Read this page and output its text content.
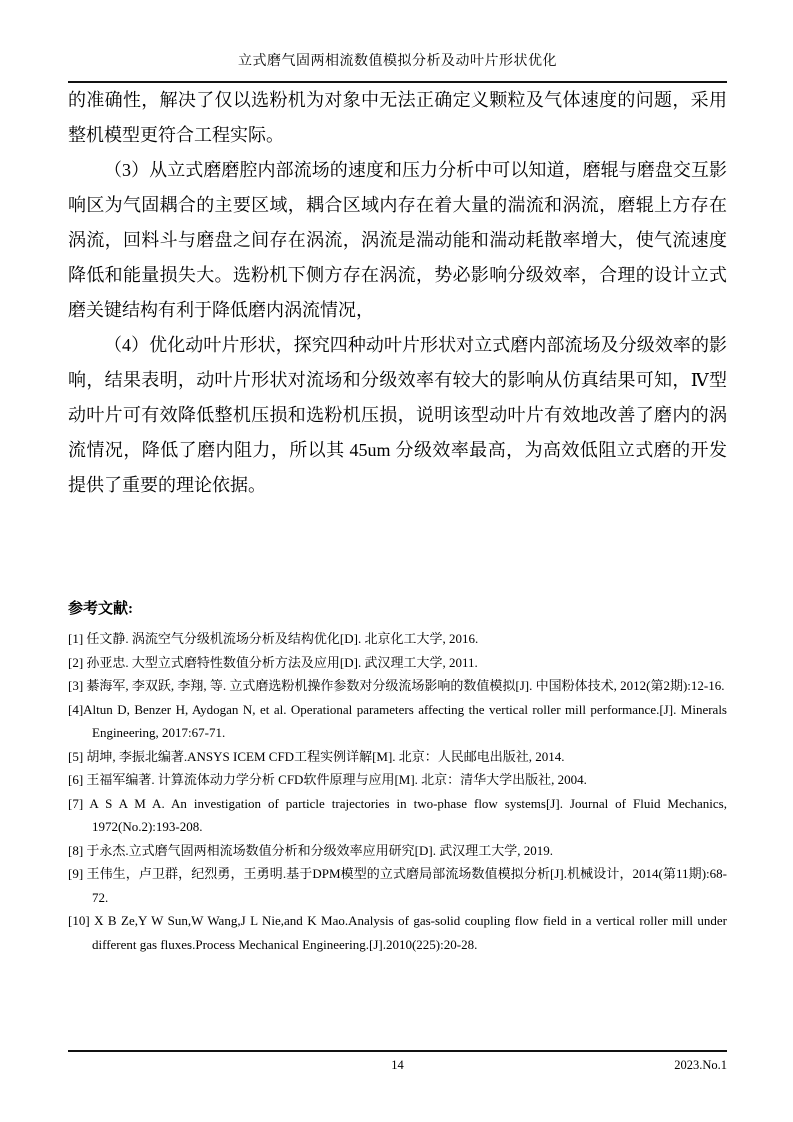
立式磨气固两相流数值模拟分析及动叶片形状优化

的准确性，解决了仅以选粉机为对象中无法正确定义颗粒及气体速度的问题，采用整机模型更符合工程实际。

（3）从立式磨磨腔内部流场的速度和压力分析中可以知道，磨辊与磨盘交互影响区为气固耦合的主要区域，耦合区域内存在着大量的湍流和涡流，磨辊上方存在涡流，回料斗与磨盘之间存在涡流，涡流是湍动能和湍动耗散率增大，使气流速度降低和能量损失大。选粉机下侧方存在涡流，势必影响分级效率，合理的设计立式磨关键结构有利于降低磨内涡流情况，

（4）优化动叶片形状，探究四种动叶片形状对立式磨内部流场及分级效率的影响，结果表明，动叶片形状对流场和分级效率有较大的影响从仿真结果可知，Ⅳ型动叶片可有效降低整机压损和选粉机压损，说明该型动叶片有效地改善了磨内的涡流情况，降低了磨内阻力，所以其 45um 分级效率最高，为高效低阻立式磨的开发提供了重要的理论依据。

参考文献:

[1] 任文静. 涡流空气分级机流场分析及结构优化[D]. 北京化工大学, 2016.

[2] 孙亚忠. 大型立式磨特性数值分析方法及应用[D]. 武汉理工大学, 2011.

[3] 綦海军, 李双跃, 李翔, 等. 立式磨选粉机操作参数对分级流场影响的数值模拟[J]. 中国粉体技术, 2012(第2期):12-16.

[4]Altun D, Benzer H, Aydogan N, et al. Operational parameters affecting the vertical roller mill performance.[J]. Minerals Engineering, 2017:67-71.

[5] 胡坤, 李振北编著.ANSYS ICEM CFD工程实例详解[M]. 北京：人民邮电出版社, 2014.

[6] 王福军编著. 计算流体动力学分析 CFD软件原理与应用[M]. 北京：清华大学出版社, 2004.

[7] A S A M A. An investigation of particle trajectories in two-phase flow systems[J]. Journal of Fluid Mechanics, 1972(No.2):193-208.

[8] 于永杰.立式磨气固两相流场数值分析和分级效率应用研究[D]. 武汉理工大学, 2019.

[9] 王伟生，卢卫群，纪烈勇，王勇明.基于DPM模型的立式磨局部流场数值模拟分析[J].机械设计，2014(第11期):68-72.

[10] X B Ze,Y W Sun,W Wang,J L Nie,and K Mao.Analysis of gas-solid coupling flow field in a vertical roller mill under different gas fluxes.Process Mechanical Engineering.[J].2010(225):20-28.

14	2023.No.1
